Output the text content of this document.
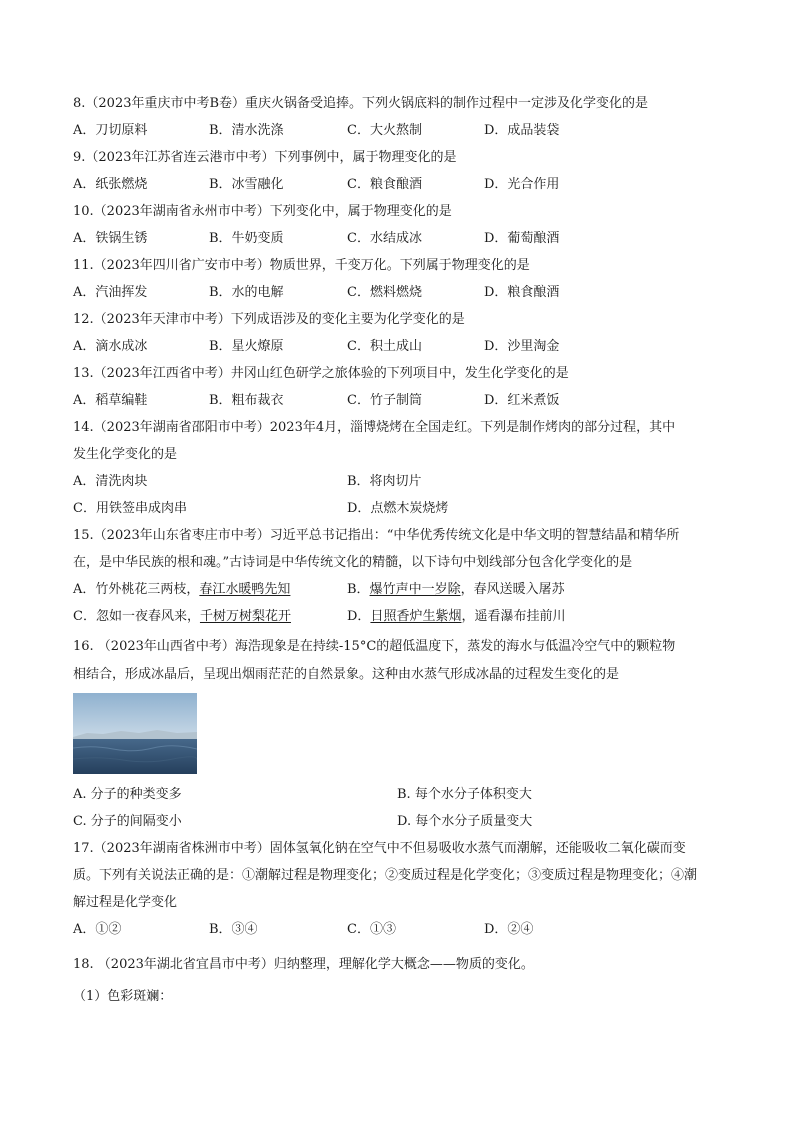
8.（2023年重庆市中考B卷）重庆火锅备受追捧。下列火锅底料的制作过程中一定涉及化学变化的是
A．刀切原料	B．清水洗涤	C．大火熬制	D．成品装袋
9.（2023年江苏省连云港市中考）下列事例中，属于物理变化的是
A．纸张燃烧	B．冰雪融化	C．粮食酿酒	D．光合作用
10.（2023年湖南省永州市中考）下列变化中，属于物理变化的是
A．铁锅生锈	B．牛奶变质	C．水结成冰	D．葡萄酿酒
11.（2023年四川省广安市中考）物质世界，千变万化。下列属于物理变化的是
A．汽油挥发	B．水的电解	C．燃料燃烧	D．粮食酿酒
12.（2023年天津市中考）下列成语涉及的变化主要为化学变化的是
A．滴水成冰	B．星火燎原	C．积土成山	D．沙里淘金
13.（2023年江西省中考）井冈山红色研学之旅体验的下列项目中，发生化学变化的是
A．稻草编鞋	B．粗布裁衣	C．竹子制筒	D．红米煮饭
14.（2023年湖南省邵阳市中考）2023年4月，淄博烧烤在全国走红。下列是制作烤肉的部分过程，其中
发生化学变化的是
A．清洗肉块	B．将肉切片
C．用铁签串成肉串	D．点燃木炭烧烤
15.（2023年山东省枣庄市中考）习近平总书记指出：“中华优秀传统文化是中华文明的智慧结晶和精华所
在，是中华民族的根和魂。”古诗词是中华传统文化的精髓，以下诗句中划线部分包含化学变化的是
A．竹外桃花三两枝，春江水暖鸭先知	B．爆竹声中一岁除，春风送暖入屠苏
C．忽如一夜春风来，千树万树梨花开	D．日照香炉生紫烟，遥看瀑布挂前川
16. （2023年山西省中考）海浩现象是在持续-15°C的超低温度下，蒸发的海水与低温冷空气中的颗粒物
相结合，形成冰晶后，呈现出烟雨茫茫的自然景象。这种由水蒸气形成冰晶的过程发生变化的是
A. 分子的种类变多	B. 每个水分子体积变大
C. 分子的间隔变小	D. 每个水分子质量变大
17.（2023年湖南省株洲市中考）固体氢氧化钠在空气中不但易吸收水蒸气而潮解，还能吸收二氧化碳而变
质。下列有关说法正确的是：①潮解过程是物理变化；②变质过程是化学变化；③变质过程是物理变化；④潮
解过程是化学变化
A．①②	B．③④	C．①③	D．②④
18. （2023年湖北省宜昌市中考）归纳整理，理解化学大概念——物质的变化。
（1）色彩斑斓：
